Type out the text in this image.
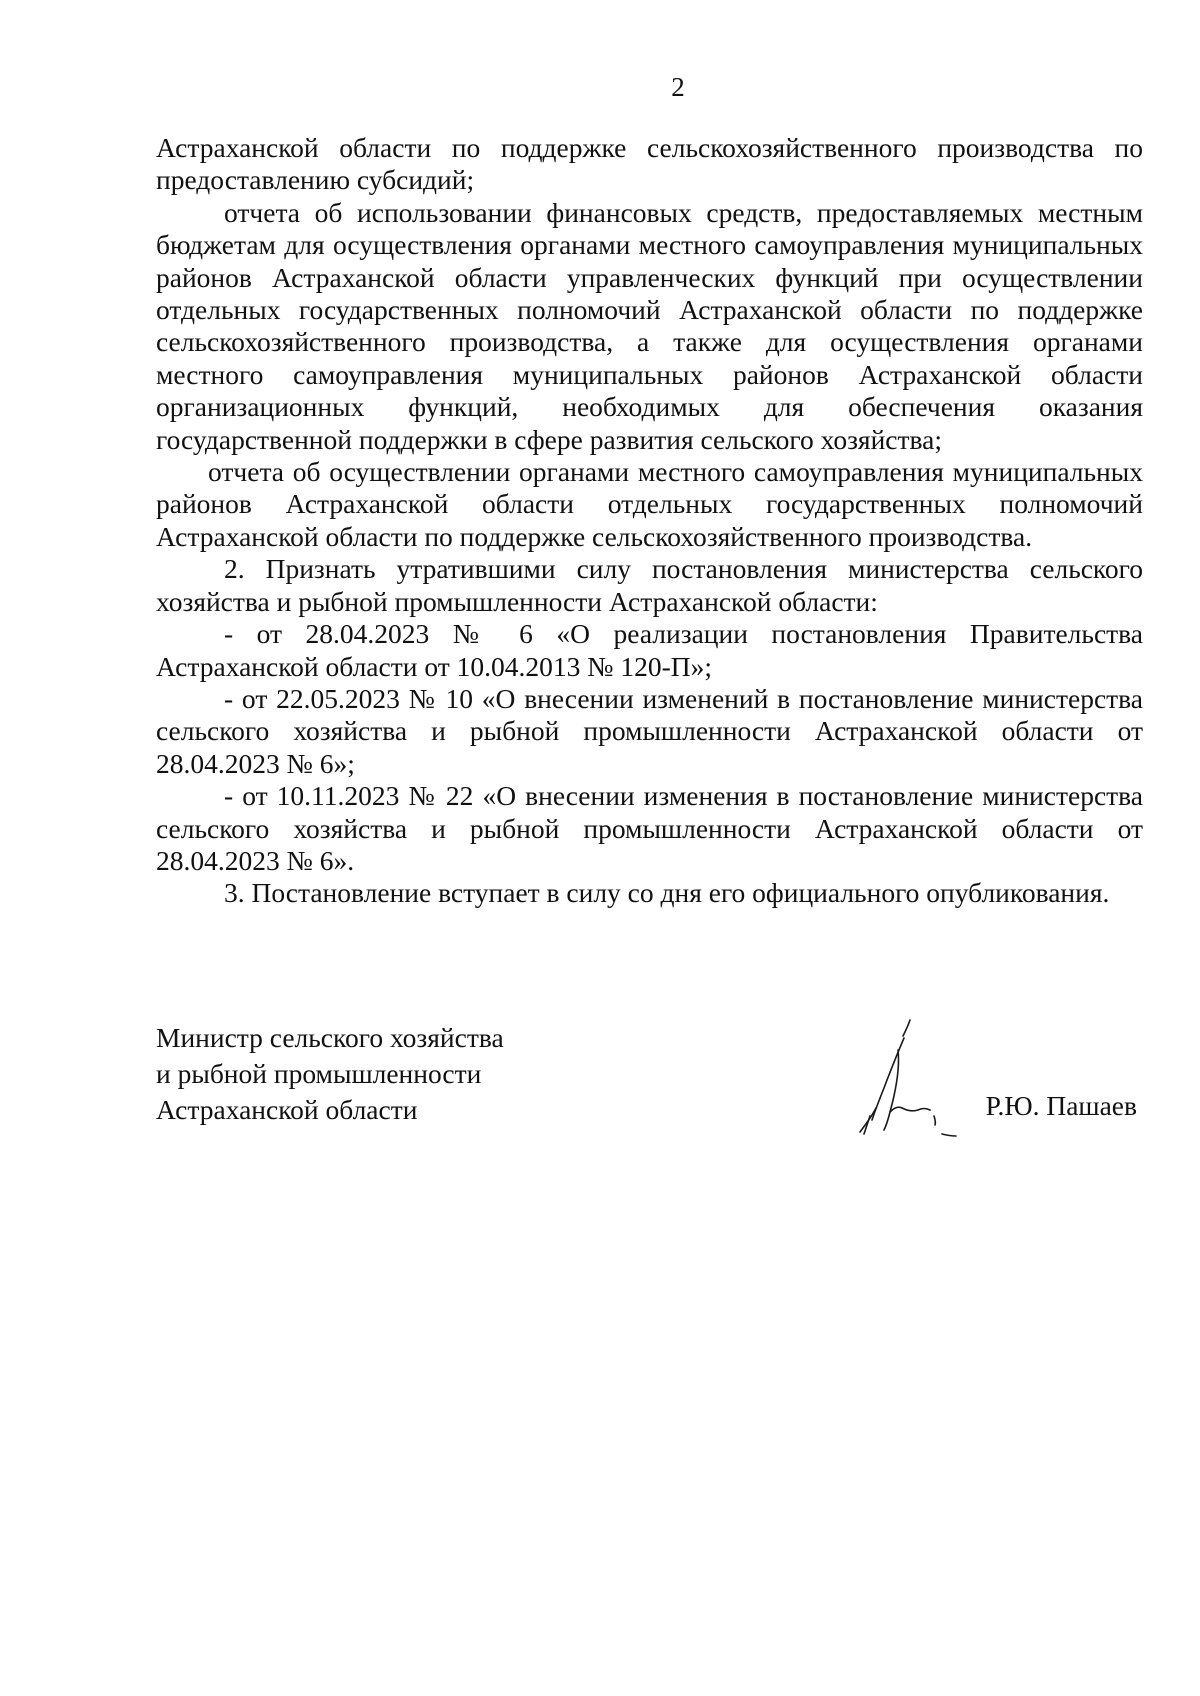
2

Астраханской области по поддержке сельскохозяйственного производства по предоставлению субсидий;

отчета об использовании финансовых средств, предоставляемых местным бюджетам для осуществления органами местного самоуправления муниципальных районов Астраханской области управленческих функций при осуществлении отдельных государственных полномочий Астраханской области по поддержке сельскохозяйственного производства, а также для осуществления органами местного самоуправления муниципальных районов Астраханской области организационных функций, необходимых для обеспечения оказания государственной поддержки в сфере развития сельского хозяйства;

отчета об осуществлении органами местного самоуправления муниципальных районов Астраханской области отдельных государственных полномочий Астраханской области по поддержке сельскохозяйственного производства.

2. Признать утратившими силу постановления министерства сельского хозяйства и рыбной промышленности Астраханской области:

- от 28.04.2023 № 6 «О реализации постановления Правительства Астраханской области от 10.04.2013 № 120-П»;

- от 22.05.2023 № 10 «О внесении изменений в постановление министерства сельского хозяйства и рыбной промышленности Астраханской области от 28.04.2023 № 6»;

- от 10.11.2023 № 22 «О внесении изменения в постановление министерства сельского хозяйства и рыбной промышленности Астраханской области от 28.04.2023 № 6».

3. Постановление вступает в силу со дня его официального опубликования.

Министр сельского хозяйства
и рыбной промышленности
Астраханской области	Р.Ю. Пашаев
